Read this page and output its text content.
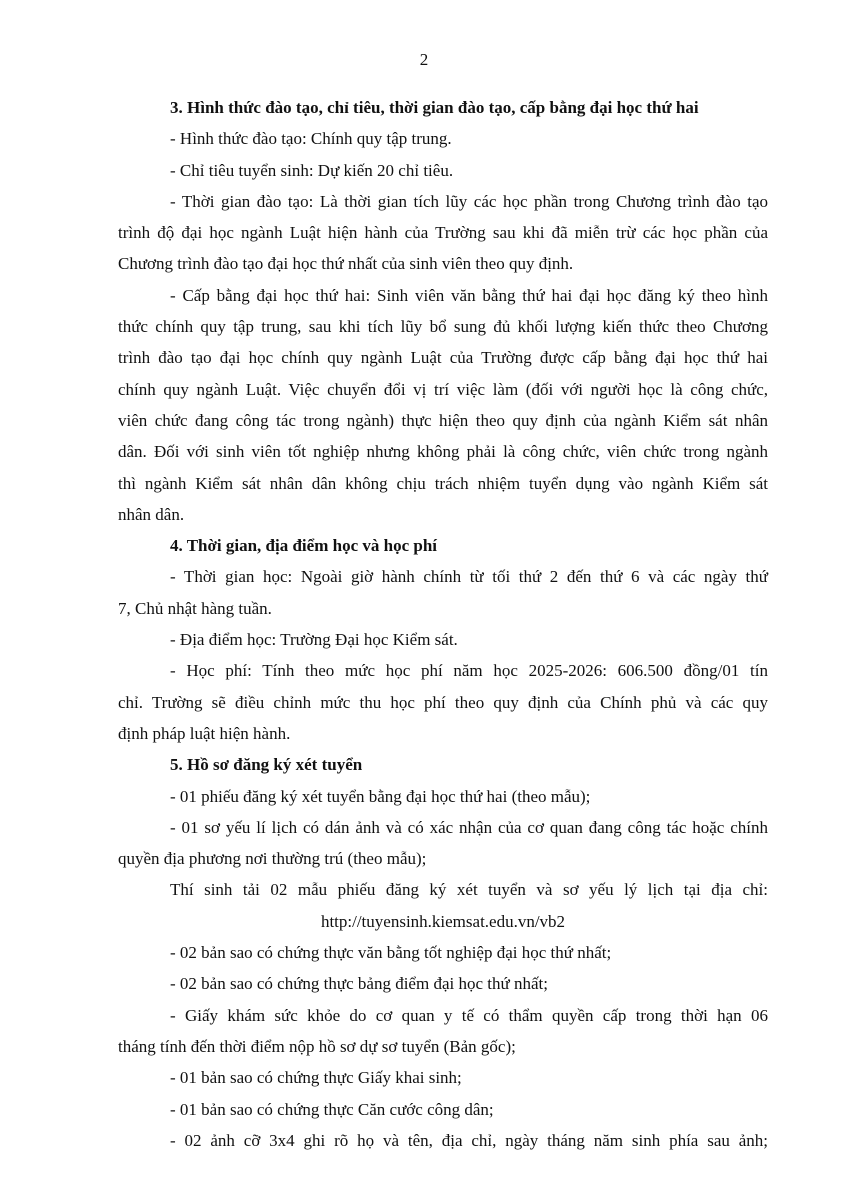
2
3. Hình thức đào tạo, chỉ tiêu, thời gian đào tạo, cấp bằng đại học thứ hai
- Hình thức đào tạo: Chính quy tập trung.
- Chỉ tiêu tuyển sinh: Dự kiến 20 chỉ tiêu.
- Thời gian đào tạo: Là thời gian tích lũy các học phần trong Chương trình đào tạo
trình độ đại học ngành Luật hiện hành của Trường sau khi đã miễn trừ các học phần của
Chương trình đào tạo đại học thứ nhất của sinh viên theo quy định.
- Cấp bằng đại học thứ hai: Sinh viên văn bằng thứ hai đại học đăng ký theo hình
thức chính quy tập trung, sau khi tích lũy bổ sung đủ khối lượng kiến thức theo Chương
trình đào tạo đại học chính quy ngành Luật của Trường được cấp bằng đại học thứ hai
chính quy ngành Luật. Việc chuyển đổi vị trí việc làm (đối với người học là công chức,
viên chức đang công tác trong ngành) thực hiện theo quy định của ngành Kiểm sát nhân
dân. Đối với sinh viên tốt nghiệp nhưng không phải là công chức, viên chức trong ngành
thì ngành Kiểm sát nhân dân không chịu trách nhiệm tuyển dụng vào ngành Kiểm sát
nhân dân.
4. Thời gian, địa điểm học và học phí
- Thời gian học: Ngoài giờ hành chính từ tối thứ 2 đến thứ 6 và các ngày thứ
7, Chủ nhật hàng tuần.
- Địa điểm học: Trường Đại học Kiểm sát.
- Học phí: Tính theo mức học phí năm học 2025-2026: 606.500 đồng/01 tín
chỉ. Trường sẽ điều chỉnh mức thu học phí theo quy định của Chính phủ và các quy
định pháp luật hiện hành.
5. Hồ sơ đăng ký xét tuyển
- 01 phiếu đăng ký xét tuyển bằng đại học thứ hai (theo mẫu);
- 01 sơ yếu lí lịch có dán ảnh và có xác nhận của cơ quan đang công tác hoặc chính
quyền địa phương nơi thường trú (theo mẫu);
Thí sinh tải 02 mẫu phiếu đăng ký xét tuyển và sơ yếu lý lịch tại địa chỉ:
http://tuyensinh.kiemsat.edu.vn/vb2
- 02 bản sao có chứng thực văn bằng tốt nghiệp đại học thứ nhất;
- 02 bản sao có chứng thực bảng điểm đại học thứ nhất;
- Giấy khám sức khỏe do cơ quan y tế có thẩm quyền cấp trong thời hạn 06
tháng tính đến thời điểm nộp hồ sơ dự sơ tuyển (Bản gốc);
- 01 bản sao có chứng thực Giấy khai sinh;
- 01 bản sao có chứng thực Căn cước công dân;
- 02 ảnh cỡ 3x4 ghi rõ họ và tên, địa chỉ, ngày tháng năm sinh phía sau ảnh;
